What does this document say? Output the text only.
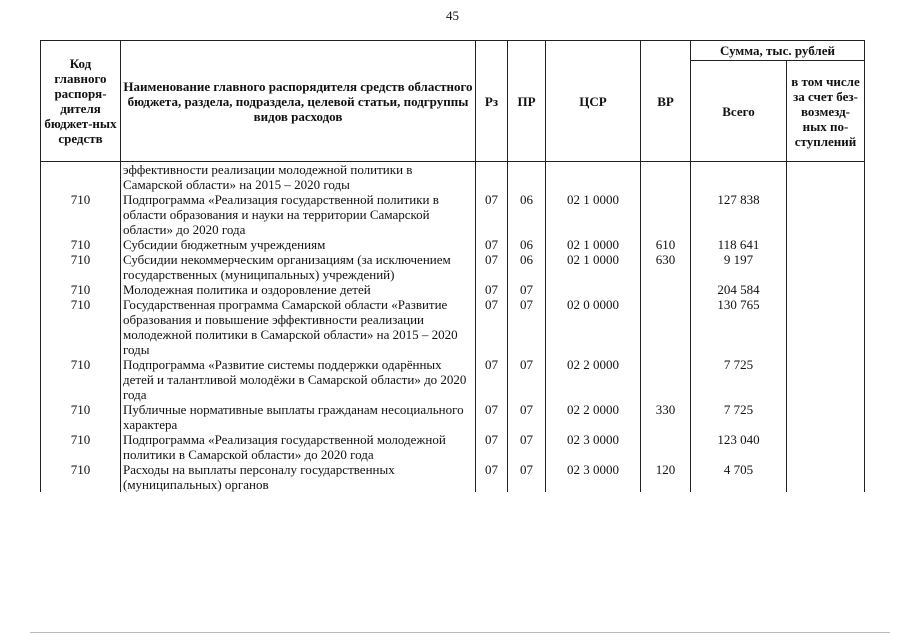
45
Код главного распоря-дителя бюджет-ных средств	Наименование главного распорядителя средств областного бюджета, раздела, подраздела, целевой статьи, подгруппы видов расходов	Рз	ПР	ЦСР	ВР	Сумма, тыс. рублей	
						Всего	в том числе за счет без-возмезд-ных по-ступлений
	эффективности реализации молодежной политики в Самарской области» на 2015 – 2020 годы						
710	Подпрограмма «Реализация государственной политики в области образования и науки на территории Самарской области» до 2020 года	07	06	02 1 0000		127 838	
710	Субсидии бюджетным учреждениям	07	06	02 1 0000	610	118 641	
710	Субсидии некоммерческим организациям (за исключением государственных (муниципальных) учреждений)	07	06	02 1 0000	630	9 197	
710	Молодежная политика и оздоровление детей	07	07			204 584	
710	Государственная программа Самарской области «Развитие образования и повышение эффективности реализации молодежной политики в Самарской области» на 2015 – 2020 годы	07	07	02 0 0000		130 765	
710	Подпрограмма «Развитие системы поддержки одарённых детей и талантливой молодёжи в Самарской области» до 2020 года	07	07	02 2 0000		7 725	
710	Публичные нормативные выплаты гражданам несоциального характера	07	07	02 2 0000	330	7 725	
710	Подпрограмма «Реализация государственной молодежной политики в Самарской области» до 2020 года	07	07	02 3 0000		123 040	
710	Расходы на выплаты персоналу государственных (муниципальных) органов	07	07	02 3 0000	120	4 705	
